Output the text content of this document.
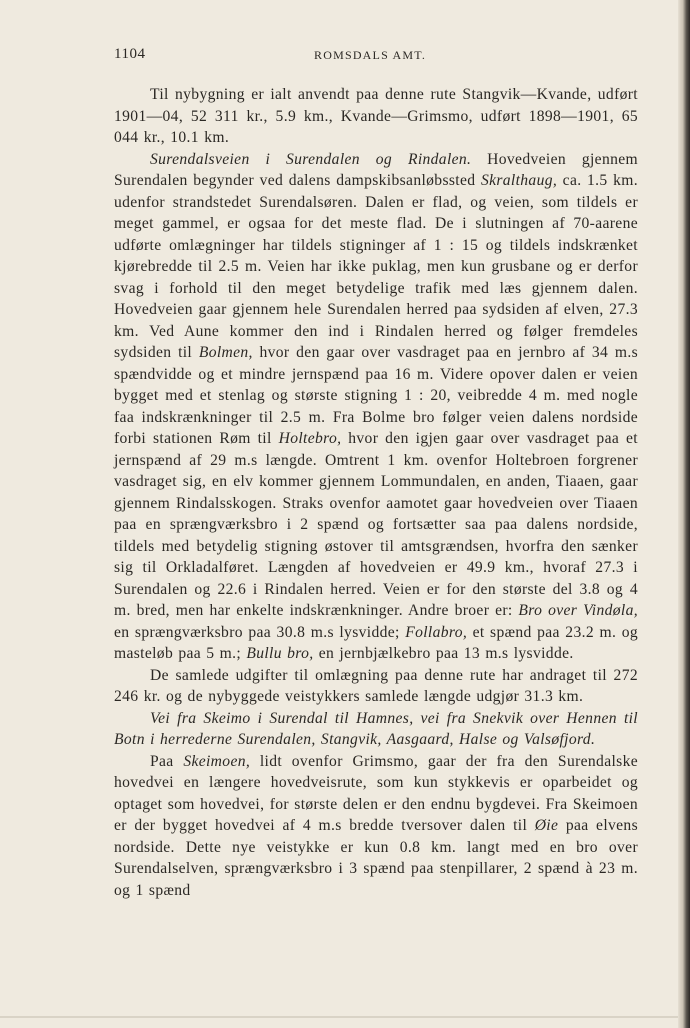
1104	ROMSDALS AMT.

Til nybygning er ialt anvendt paa denne rute Stangvik—Kvande, udført 1901—04, 52 311 kr., 5.9 km., Kvande—Grimsmo, udført 1898—1901, 65 044 kr., 10.1 km.

Surendalsveien i Surendalen og Rindalen. Hovedveien gjennem Surendalen begynder ved dalens dampskibsanløbssted Skralthaug, ca. 1.5 km. udenfor strandstedet Surendalsøren. Dalen er flad, og veien, som tildels er meget gammel, er ogsaa for det meste flad. De i slutningen af 70-aarene udførte omlægninger har tildels stigninger af 1 : 15 og tildels indskrænket kjørebredde til 2.5 m. Veien har ikke puklag, men kun grusbane og er derfor svag i forhold til den meget betydelige trafik med læs gjennem dalen. Hovedveien gaar gjennem hele Surendalen herred paa sydsiden af elven, 27.3 km. Ved Aune kommer den ind i Rindalen herred og følger fremdeles sydsiden til Bolmen, hvor den gaar over vasdraget paa en jernbro af 34 m.s spændvidde og et mindre jernspænd paa 16 m. Videre opover dalen er veien bygget med et stenlag og største stigning 1 : 20, veibredde 4 m. med nogle faa indskrænkninger til 2.5 m. Fra Bolme bro følger veien dalens nordside forbi stationen Røm til Holtebro, hvor den igjen gaar over vasdraget paa et jernspænd af 29 m.s længde. Omtrent 1 km. ovenfor Holtebroen forgrener vasdraget sig, en elv kommer gjennem Lommundalen, en anden, Tiaaen, gaar gjennem Rindalsskogen. Straks ovenfor aamotet gaar hovedveien over Tiaaen paa en sprængværksbro i 2 spænd og fortsætter saa paa dalens nordside, tildels med betydelig stigning østover til amtsgrændsen, hvorfra den sænker sig til Orkladalføret. Længden af hovedveien er 49.9 km., hvoraf 27.3 i Surendalen og 22.6 i Rindalen herred. Veien er for den største del 3.8 og 4 m. bred, men har enkelte indskrænkninger. Andre broer er: Bro over Vindøla, en sprængværksbro paa 30.8 m.s lysvidde; Follabro, et spænd paa 23.2 m. og masteløb paa 5 m.; Bullu bro, en jernbjælkebro paa 13 m.s lysvidde.

De samlede udgifter til omlægning paa denne rute har andraget til 272 246 kr. og de nybyggede veistykkers samlede længde udgjør 31.3 km.

Vei fra Skeimo i Surendal til Hamnes, vei fra Snekvik over Hennen til Botn i herrederne Surendalen, Stangvik, Aasgaard, Halse og Valsøfjord.

Paa Skeimoen, lidt ovenfor Grimsmo, gaar der fra den Surendalske hovedvei en længere hovedveisrute, som kun stykkevis er oparbeidet og optaget som hovedvei, for største delen er den endnu bygdevei. Fra Skeimoen er der bygget hovedvei af 4 m.s bredde tversover dalen til Øie paa elvens nordside. Dette nye veistykke er kun 0.8 km. langt med en bro over Surendalselven, sprængværksbro i 3 spænd paa stenpillarer, 2 spænd à 23 m. og 1 spænd
